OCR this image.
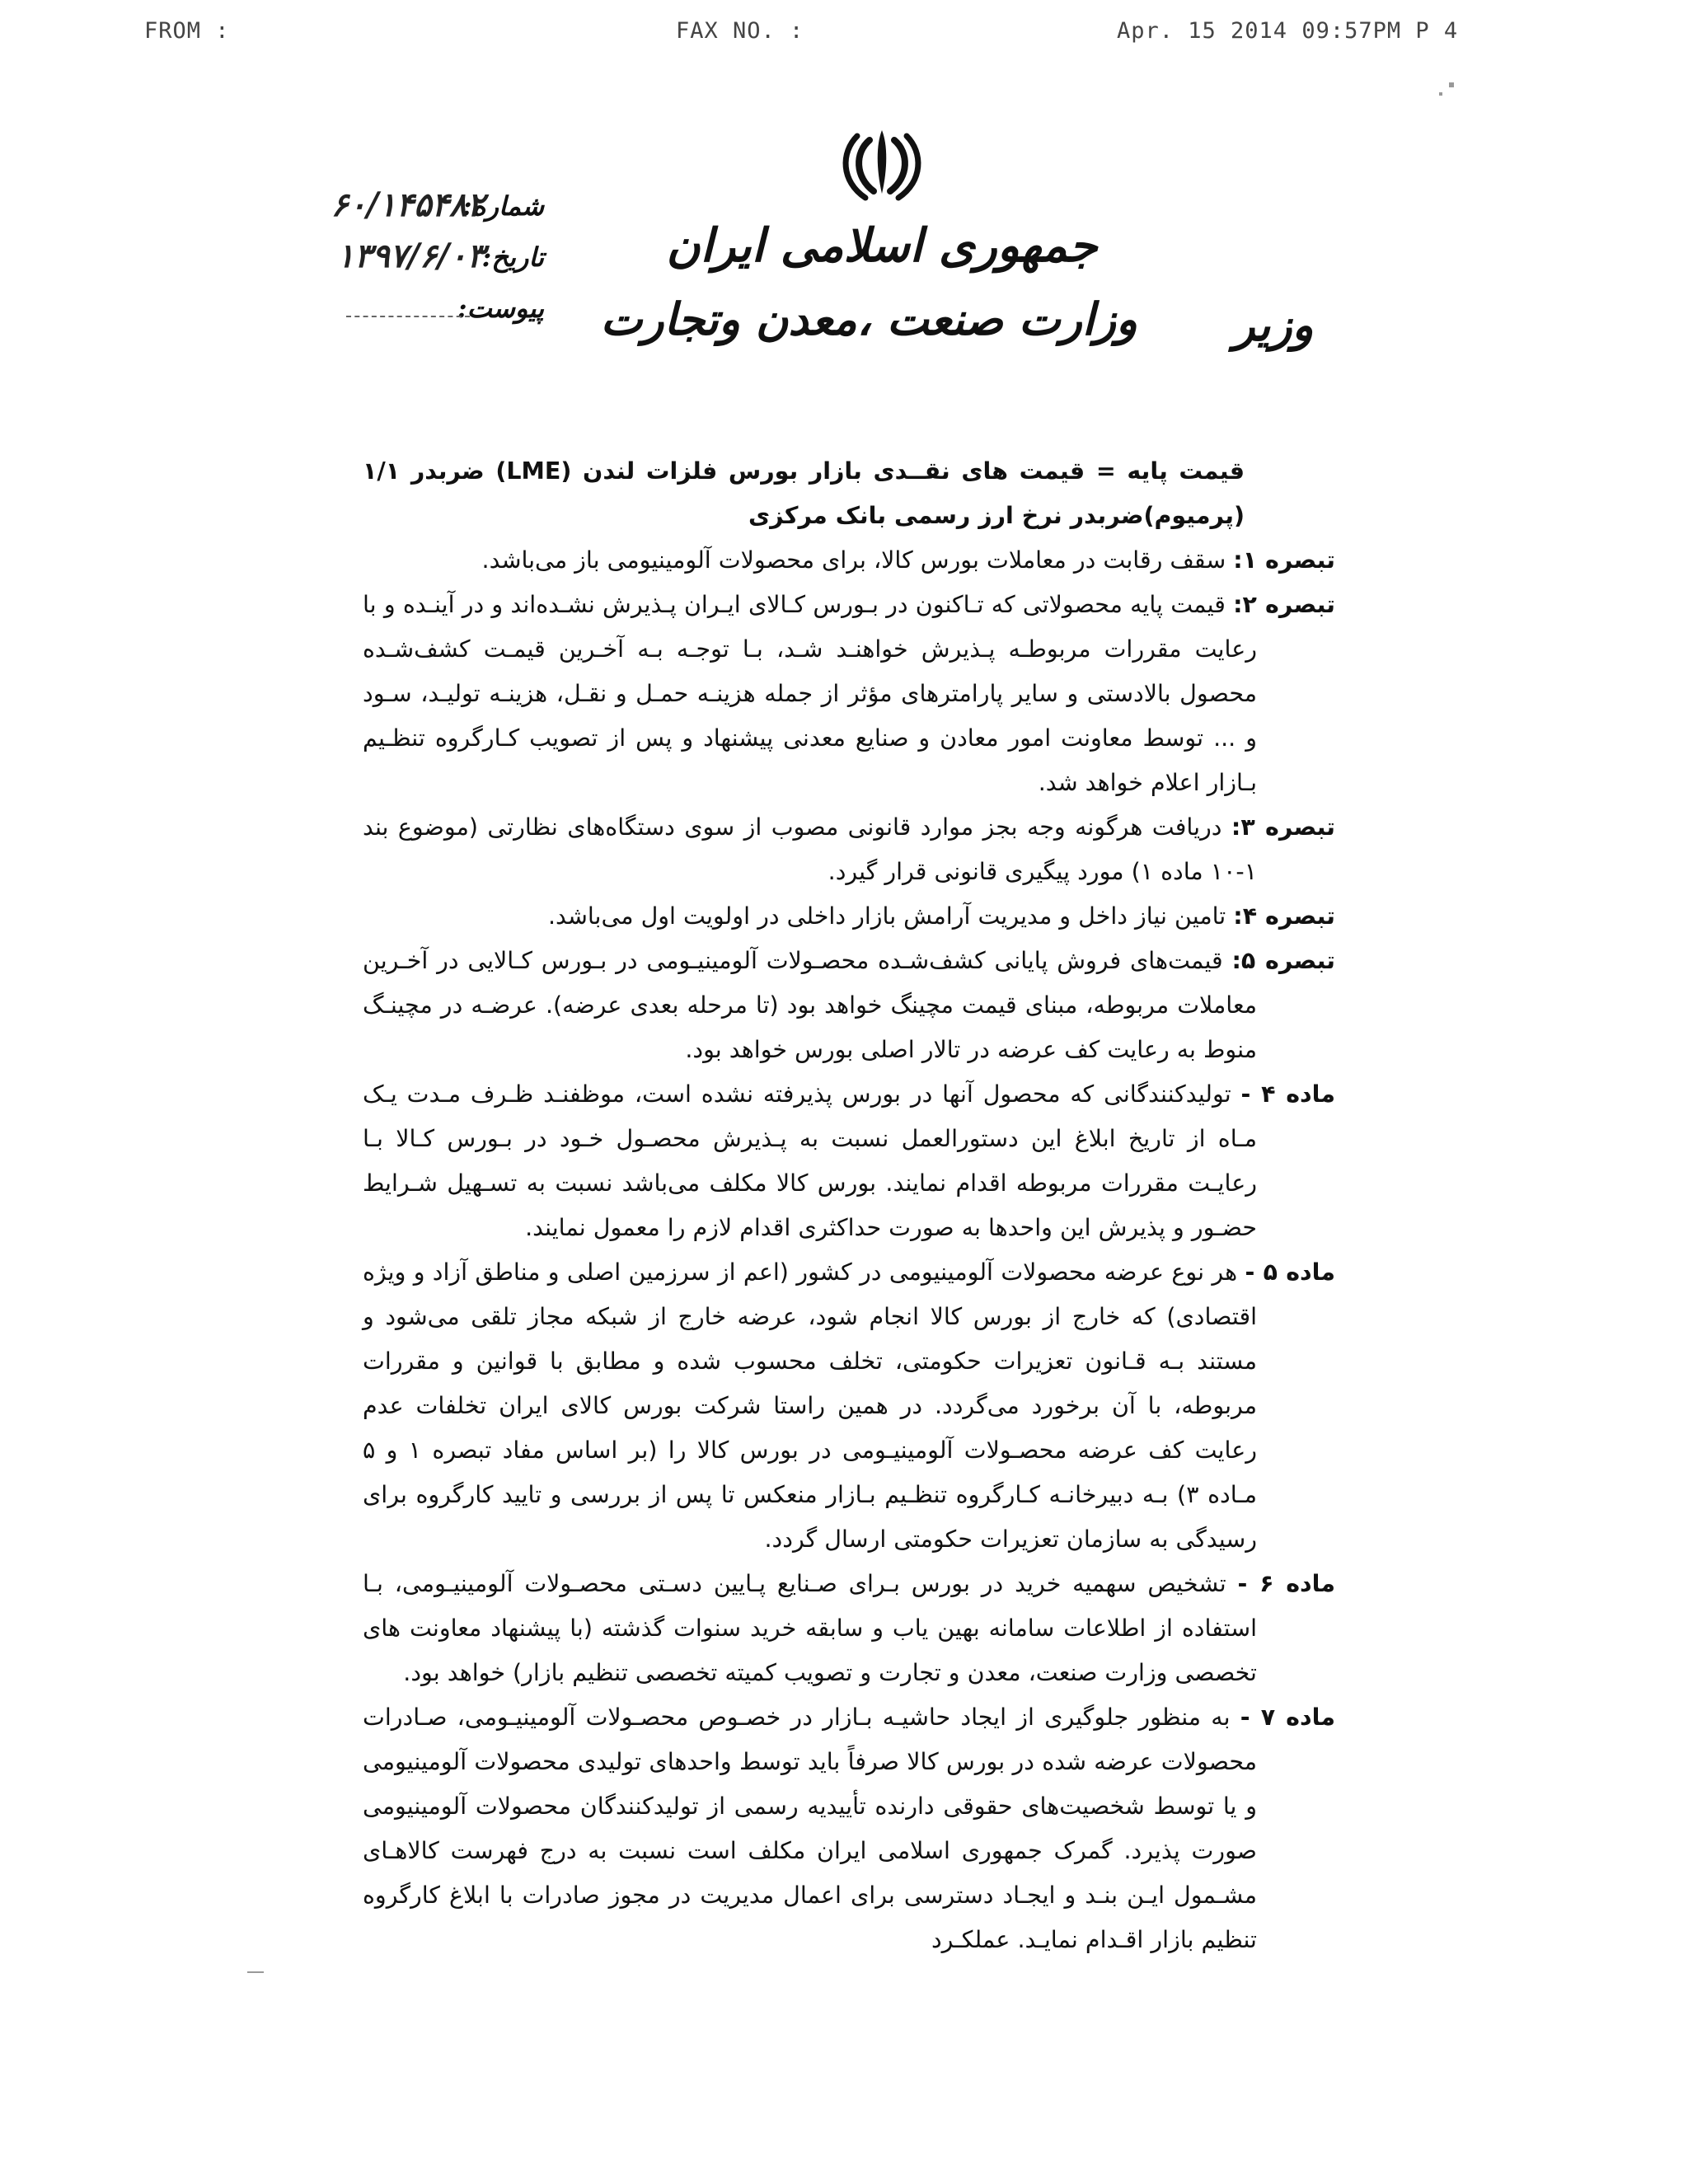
FROM :	FAX NO. :	Apr. 15 2014 09:57PM P 4
جمهوری اسلامی ایران
وزارت صنعت ،معدن وتجارت	وزیر
شماره:
۶۰/۱۴۵۴۸۲
تاریخ:
۱۳۹۷/۶/۰۳
پیوست:

قیمت پایه = قیمت های نقــدی بازار بورس فلزات لندن (LME) ضربدر ۱/۱ (پرمیوم)ضربدر نرخ ارز رسمی بانک مرکزی

تبصره ۱: سقف رقابت در معاملات بورس کالا، برای محصولات آلومینیومی باز می‌باشد.

تبصره ۲: قیمت پایه محصولاتی که تـاکنون در بـورس کـالای ایـران پـذیرش نشـده‌اند و در آینـده و با رعایت مقررات مربوطـه پـذیرش خواهنـد شـد، بـا توجـه بـه آخـرین قیمـت کشف‌شـده محصول بالادستی و سایر پارامترهای مؤثر از جمله هزینـه حمـل و نقـل، هزینـه تولیـد، سـود و ... توسط معاونت امور معادن و صنایع معدنی پیشنهاد و پس از تصویب کـارگروه تنظـیم بـازار اعلام خواهد شد.

تبصره ۳: دریافت هرگونه وجه بجز موارد قانونی مصوب از سوی دستگاه‌های نظارتی (موضوع بند ۱-۱۰ ماده ۱) مورد پیگیری قانونی قرار گیرد.

تبصره ۴: تامین نیاز داخل و مدیریت آرامش بازار داخلی در اولویت اول می‌باشد.

تبصره ۵: قیمت‌های فروش پایانی کشف‌شـده محصـولات آلومینیـومی در بـورس کـالایی در آخـرین معاملات مربوطه، مبنای قیمت مچینگ خواهد بود (تا مرحله بعدی عرضه). عرضـه در مچینـگ منوط به رعایت کف عرضه در تالار اصلی بورس خواهد بود.

ماده ۴ - تولیدکنندگانی که محصول آنها در بورس پذیرفته نشده است، موظفنـد ظـرف مـدت یـک مـاه از تاریخ ابلاغ این دستورالعمل نسبت به پـذیرش محصـول خـود در بـورس کـالا بـا رعایـت مقررات مربوطه اقدام نمایند. بورس کالا مکلف می‌باشد نسبت به تسـهیل شـرایط حضـور و پذیرش این واحدها به صورت حداکثری اقدام لازم را معمول نمایند.

ماده ۵ - هر نوع عرضه محصولات آلومینیومی در کشور (اعم از سرزمین اصلی و مناطق آزاد و ویژه اقتصادی) که خارج از بورس کالا انجام شود، عرضه خارج از شبکه مجاز تلقی می‌شود و مستند بـه قـانون تعزیرات حکومتی، تخلف محسوب شده و مطابق با قوانین و مقررات مربوطه، با آن برخورد می‌گردد. در همین راستا شرکت بورس کالای ایران تخلفات عدم رعایت کف عرضه محصـولات آلومینیـومی در بورس کالا را (بر اساس مفاد تبصره ۱ و ۵ مـاده ۳) بـه دبیرخانـه کـارگروه تنظـیم بـازار منعکس تا پس از بررسی و تایید کارگروه برای رسیدگی به سازمان تعزیرات حکومتی ارسال گردد.

ماده ۶ - تشخیص سهمیه خرید در بورس بـرای صـنایع پـایین دسـتی محصـولات آلومینیـومی، بـا استفاده از اطلاعات سامانه بهین یاب و سابقه خرید سنوات گذشته (با پیشنهاد معاونت های تخصصی وزارت صنعت، معدن و تجارت و تصویب کمیته تخصصی تنظیم بازار) خواهد بود.

ماده ۷ - به منظور جلوگیری از ایجاد حاشیـه بـازار در خصـوص محصـولات آلومینیـومی، صـادرات محصولات عرضه شده در بورس کالا صرفاً باید توسط واحدهای تولیدی محصولات آلومینیومی و یا توسط شخصیت‌های حقوقی دارنده تأییدیه رسمی از تولیدکنندگان محصولات آلومینیومی صورت پذیرد. گمرک جمهوری اسلامی ایران مکلف است نسبت به درج فهرست کالاهـای مشـمول ایـن بنـد و ایجـاد دسترسی برای اعمال مدیریت در مجوز صادرات با ابلاغ کارگروه تنظیم بازار اقـدام نمایـد. عملکـرد
